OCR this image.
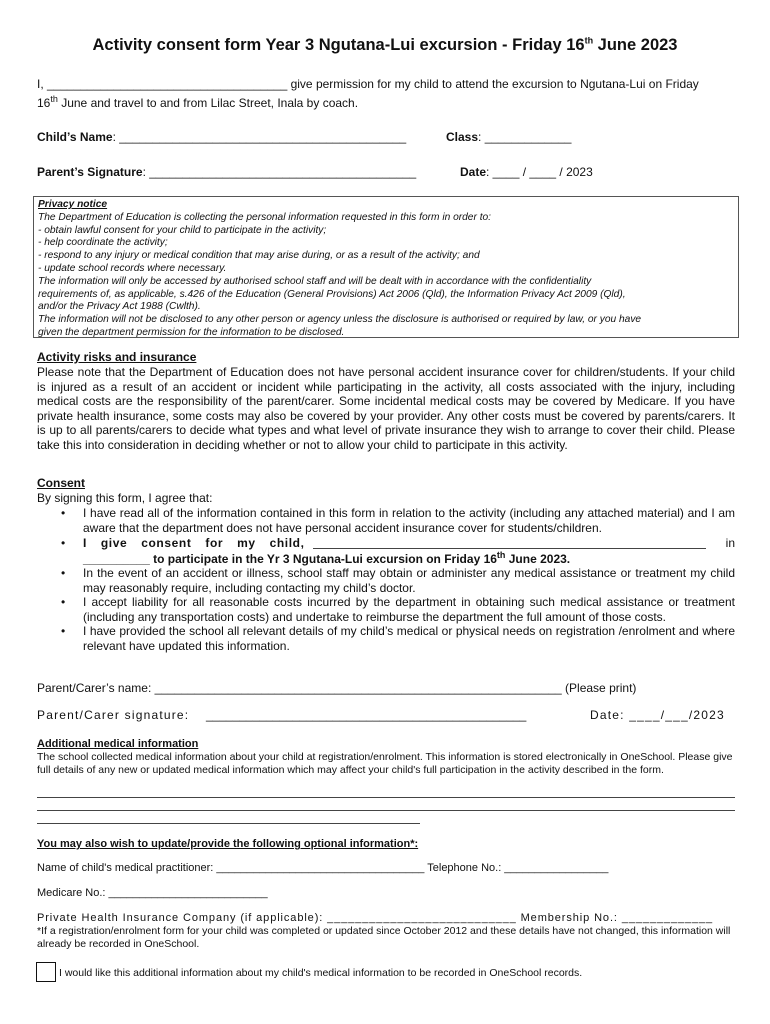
Activity consent form Year 3 Ngutana-Lui excursion - Friday 16th June 2023
I, ____________________________________ give permission for my child to attend the excursion to Ngutana-Lui on Friday
16th June and travel to and from Lilac Street, Inala by coach.
Child’s Name: ___________________________________________	Class: _____________
Parent’s Signature: ________________________________________	Date: ____ / ____ / 2023
Privacy notice
The Department of Education is collecting the personal information requested in this form in order to:
- obtain lawful consent for your child to participate in the activity;
- help coordinate the activity;
- respond to any injury or medical condition that may arise during, or as a result of the activity; and
- update school records where necessary.
The information will only be accessed by authorised school staff and will be dealt with in accordance with the confidentiality
requirements of, as applicable, s.426 of the Education (General Provisions) Act 2006 (Qld), the Information Privacy Act 2009 (Qld),
and/or the Privacy Act 1988 (Cwlth).
The information will not be disclosed to any other person or agency unless the disclosure is authorised or required by law, or you have
given the department permission for the information to be disclosed.
Activity risks and insurance
Please note that the Department of Education does not have personal accident insurance cover for children/students. If your child is injured as a result of an accident or incident while participating in the activity, all costs associated with the injury, including medical costs are the responsibility of the parent/carer. Some incidental medical costs may be covered by Medicare. If you have private health insurance, some costs may also be covered by your provider. Any other costs must be covered by parents/carers. It is up to all parents/carers to decide what types and what level of private insurance they wish to arrange to cover their child. Please take this into consideration in deciding whether or not to allow your child to participate in this activity.
Consent
By signing this form, I agree that:
• I have read all of the information contained in this form in relation to the activity (including any attached material) and I am aware that the department does not have personal accident insurance cover for students/children.
• I give consent for my child,	in
__________ to participate in the Yr 3 Ngutana-Lui excursion on Friday 16th June 2023.
• In the event of an accident or illness, school staff may obtain or administer any medical assistance or treatment my child may reasonably require, including contacting my child’s doctor.
• I accept liability for all reasonable costs incurred by the department in obtaining such medical assistance or treatment (including any transportation costs) and undertake to reimburse the department the full amount of those costs.
• I have provided the school all relevant details of my child’s medical or physical needs on registration /enrolment and where relevant have updated this information.
Parent/Carer’s name: _____________________________________________________________ (Please print)
Parent/Carer signature: ________________________________________________	Date: ____/___/2023
Additional medical information
The school collected medical information about your child at registration/enrolment. This information is stored electronically in OneSchool. Please give full details of any new or updated medical information which may affect your child's full participation in the activity described in the form.
You may also wish to update/provide the following optional information*:
Name of child's medical practitioner: __________________________________ Telephone No.: _________________
Medicare No.: __________________________
Private Health Insurance Company (if applicable): ___________________________ Membership No.: _____________
*If a registration/enrolment form for your child was completed or updated since October 2012 and these details have not changed, this information will already be recorded in OneSchool.
I would like this additional information about my child's medical information to be recorded in OneSchool records.
